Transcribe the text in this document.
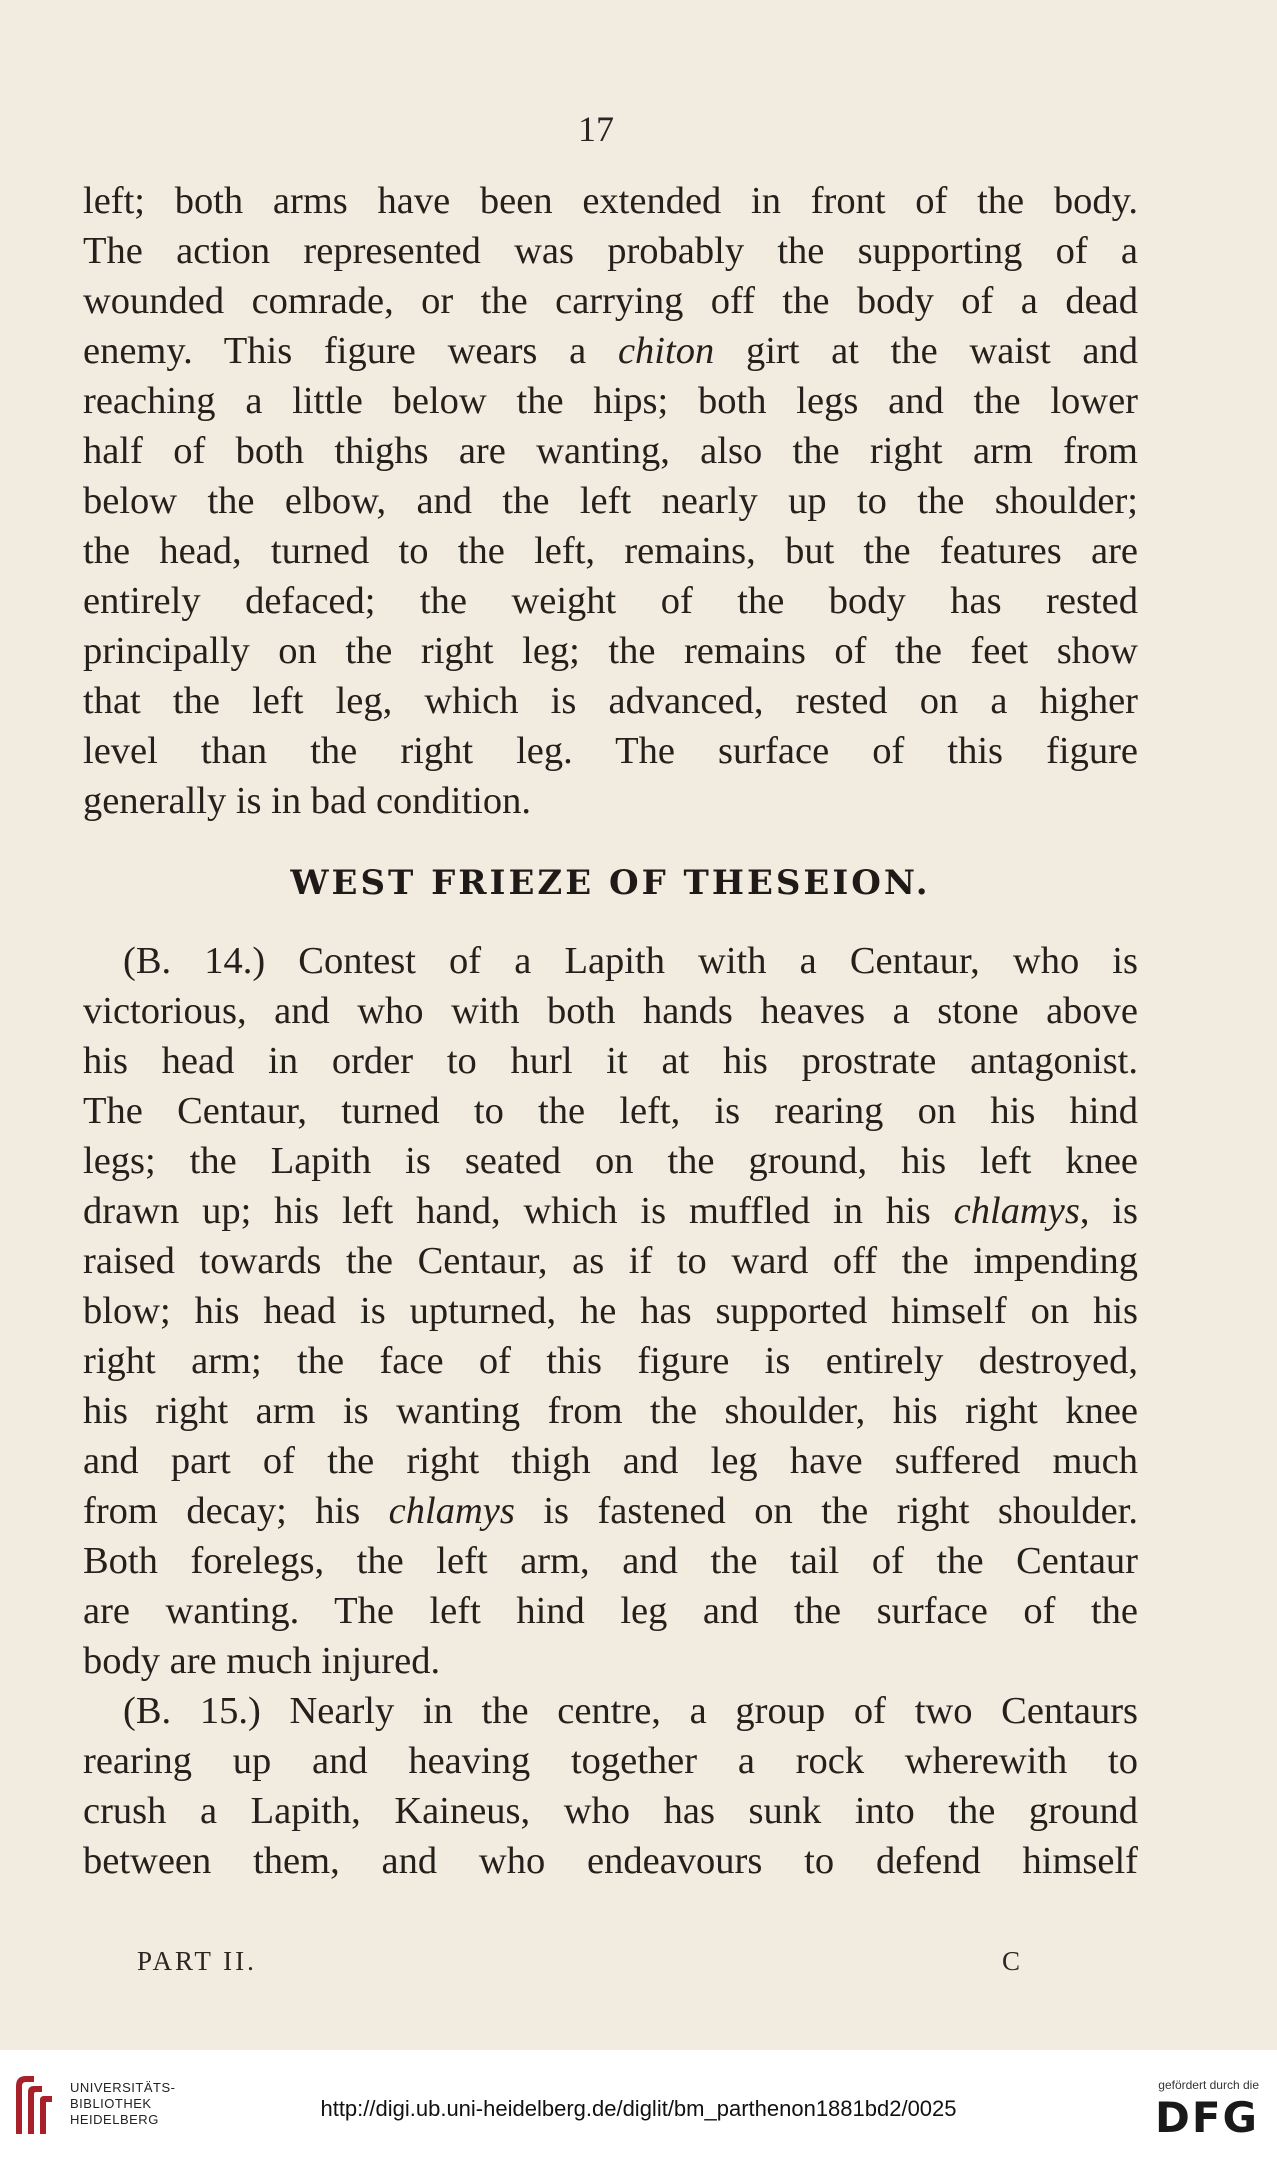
17
left; both arms have been extended in front of the body.
The action represented was probably the supporting of a
wounded comrade, or the carrying off the body of a dead
enemy. This figure wears a chiton girt at the waist and
reaching a little below the hips; both legs and the lower
half of both thighs are wanting, also the right arm from
below the elbow, and the left nearly up to the shoulder;
the head, turned to the left, remains, but the features are
entirely defaced; the weight of the body has rested
principally on the right leg; the remains of the feet show
that the left leg, which is advanced, rested on a higher
level than the right leg. The surface of this figure
generally is in bad condition.
WEST FRIEZE OF THESEION.
(B. 14.) Contest of a Lapith with a Centaur, who is
victorious, and who with both hands heaves a stone above
his head in order to hurl it at his prostrate antagonist.
The Centaur, turned to the left, is rearing on his hind
legs; the Lapith is seated on the ground, his left knee
drawn up; his left hand, which is muffled in his chlamys, is
raised towards the Centaur, as if to ward off the impending
blow; his head is upturned, he has supported himself on his
right arm; the face of this figure is entirely destroyed,
his right arm is wanting from the shoulder, his right knee
and part of the right thigh and leg have suffered much
from decay; his chlamys is fastened on the right shoulder.
Both forelegs, the left arm, and the tail of the Centaur
are wanting. The left hind leg and the surface of the
body are much injured.
(B. 15.) Nearly in the centre, a group of two Centaurs
rearing up and heaving together a rock wherewith to
crush a Lapith, Kaineus, who has sunk into the ground
between them, and who endeavours to defend himself
PART II.	C
UNIVERSITÄTS-
BIBLIOTHEK
HEIDELBERG	http://digi.ub.uni-heidelberg.de/diglit/bm_parthenon1881bd2/0025
gefördert durch die
DFG
